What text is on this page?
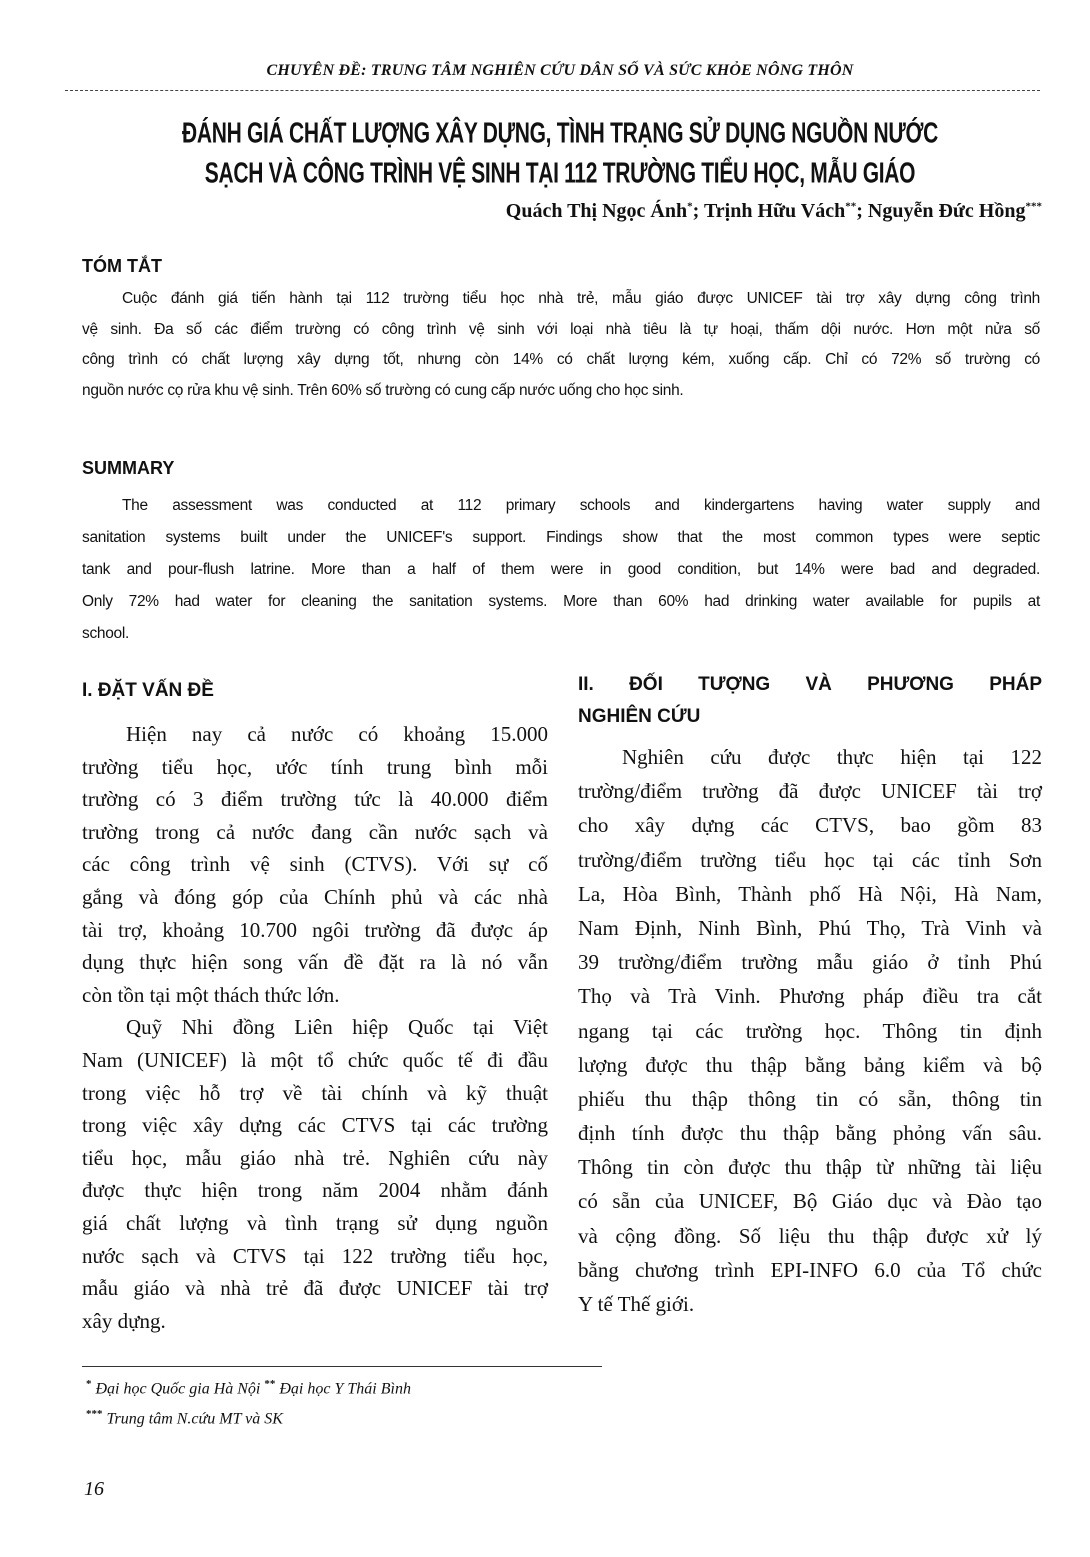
CHUYÊN ĐỀ: TRUNG TÂM NGHIÊN CỨU DÂN SỐ VÀ SỨC KHỎE NÔNG THÔN
ĐÁNH GIÁ CHẤT LƯỢNG XÂY DỰNG, TÌNH TRẠNG SỬ DỤNG NGUỒN NƯỚC
SẠCH VÀ CÔNG TRÌNH VỆ SINH TẠI 112 TRƯỜNG TIỂU HỌC, MẪU GIÁO
Quách Thị Ngọc Ánh*; Trịnh Hữu Vách**; Nguyễn Đức Hồng***
TÓM TẮT
Cuộc đánh giá tiến hành tại 112 trường tiểu học nhà trẻ, mẫu giáo được UNICEF tài trợ xây dựng công trình
vệ sinh. Đa số các điểm trường có công trình vệ sinh với loại nhà tiêu là tự hoại, thấm dội nước. Hơn một nửa số
công trình có chất lượng xây dựng tốt, nhưng còn 14% có chất lượng kém, xuống cấp. Chỉ có 72% số trường có
nguồn nước cọ rửa khu vệ sinh. Trên 60% số trường có cung cấp nước uống cho học sinh.
SUMMARY
The assessment was conducted at 112 primary schools and kindergartens having water supply and
sanitation systems built under the UNICEF's support. Findings show that the most common types were septic
tank and pour-flush latrine. More than a half of them were in good condition, but 14% were bad and degraded.
Only 72% had water for cleaning the sanitation systems. More than 60% had drinking water available for pupils at
school.
I. ĐẶT VẤN ĐỀ
Hiện nay cả nước có khoảng 15.000
trường tiểu học, ước tính trung bình mỗi
trường có 3 điểm trường tức là 40.000 điểm
trường trong cả nước đang cần nước sạch và
các công trình vệ sinh (CTVS). Với sự cố
gắng và đóng góp của Chính phủ và các nhà
tài trợ, khoảng 10.700 ngôi trường đã được áp
dụng thực hiện song vấn đề đặt ra là nó vẫn
còn tồn tại một thách thức lớn.
Quỹ Nhi đồng Liên hiệp Quốc tại Việt
Nam (UNICEF) là một tổ chức quốc tế đi đầu
trong việc hỗ trợ về tài chính và kỹ thuật
trong việc xây dựng các CTVS tại các trường
tiểu học, mẫu giáo nhà trẻ. Nghiên cứu này
được thực hiện trong năm 2004 nhằm đánh
giá chất lượng và tình trạng sử dụng nguồn
nước sạch và CTVS tại 122 trường tiểu học,
mẫu giáo và nhà trẻ đã được UNICEF tài trợ
xây dựng.
II. ĐỐI TƯỢNG VÀ PHƯƠNG PHÁP
NGHIÊN CỨU
Nghiên cứu được thực hiện tại 122
trường/điểm trường đã được UNICEF tài trợ
cho xây dựng các CTVS, bao gồm 83
trường/điểm trường tiểu học tại các tỉnh Sơn
La, Hòa Bình, Thành phố Hà Nội, Hà Nam,
Nam Định, Ninh Bình, Phú Thọ, Trà Vinh và
39 trường/điểm trường mẫu giáo ở tỉnh Phú
Thọ và Trà Vinh. Phương pháp điều tra cắt
ngang tại các trường học. Thông tin định
lượng được thu thập bằng bảng kiểm và bộ
phiếu thu thập thông tin có sẵn, thông tin
định tính được thu thập bằng phỏng vấn sâu.
Thông tin còn được thu thập từ những tài liệu
có sẵn của UNICEF, Bộ Giáo dục và Đào tạo
và cộng đồng. Số liệu thu thập được xử lý
bằng chương trình EPI-INFO 6.0 của Tổ chức
Y tế Thế giới.
* Đại học Quốc gia Hà Nội ** Đại học Y Thái Bình
*** Trung tâm N.cứu MT và SK
16
